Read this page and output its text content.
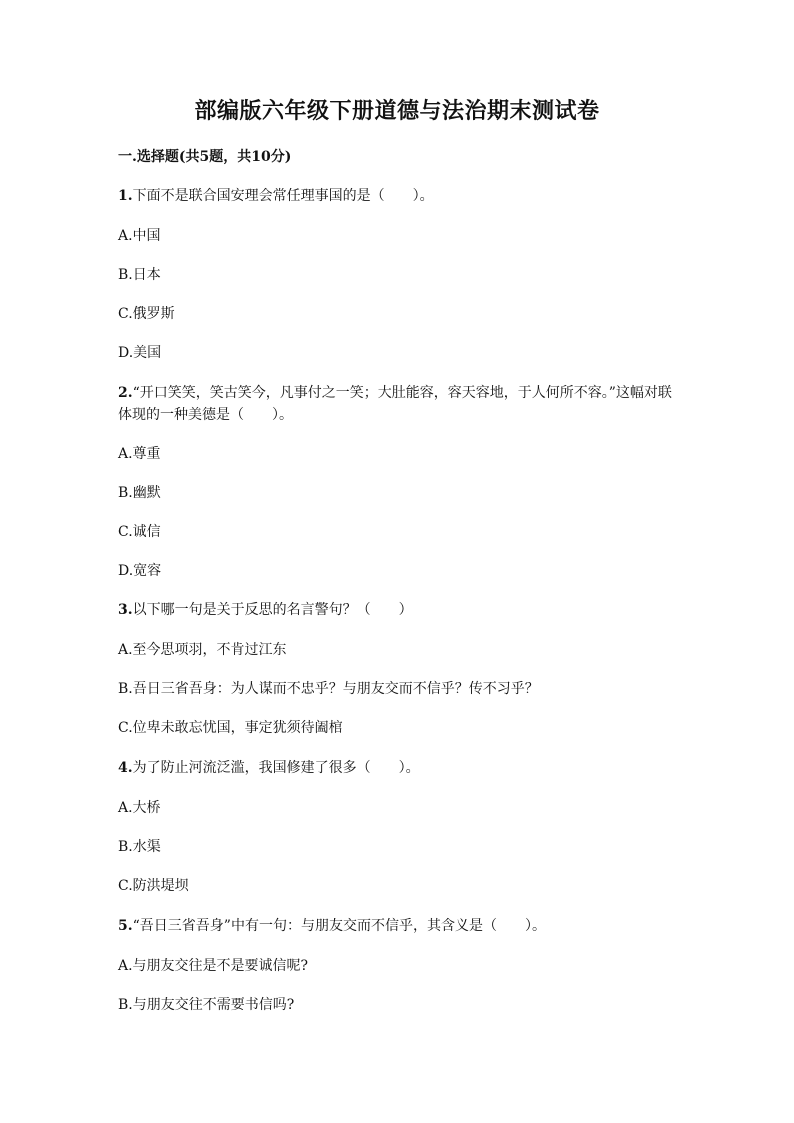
部编版六年级下册道德与法治期末测试卷
一.选择题(共5题，共10分)
1.下面不是联合国安理会常任理事国的是（　　）。
A.中国
B.日本
C.俄罗斯
D.美国
2.“开口笑笑，笑古笑今，凡事付之一笑；大肚能容，容天容地，于人何所不容。”这幅对联体现的一种美德是（　　）。
A.尊重
B.幽默
C.诚信
D.宽容
3.以下哪一句是关于反思的名言警句？（　　）
A.至今思项羽，不肯过江东
B.吾日三省吾身：为人谋而不忠乎？与朋友交而不信乎？传不习乎？
C.位卑未敢忘忧国，事定犹须待阖棺
4.为了防止河流泛滥，我国修建了很多（　　）。
A.大桥
B.水渠
C.防洪堤坝
5.“吾日三省吾身”中有一句：与朋友交而不信乎，其含义是（　　）。
A.与朋友交往是不是要诚信呢?
B.与朋友交往不需要书信吗?
